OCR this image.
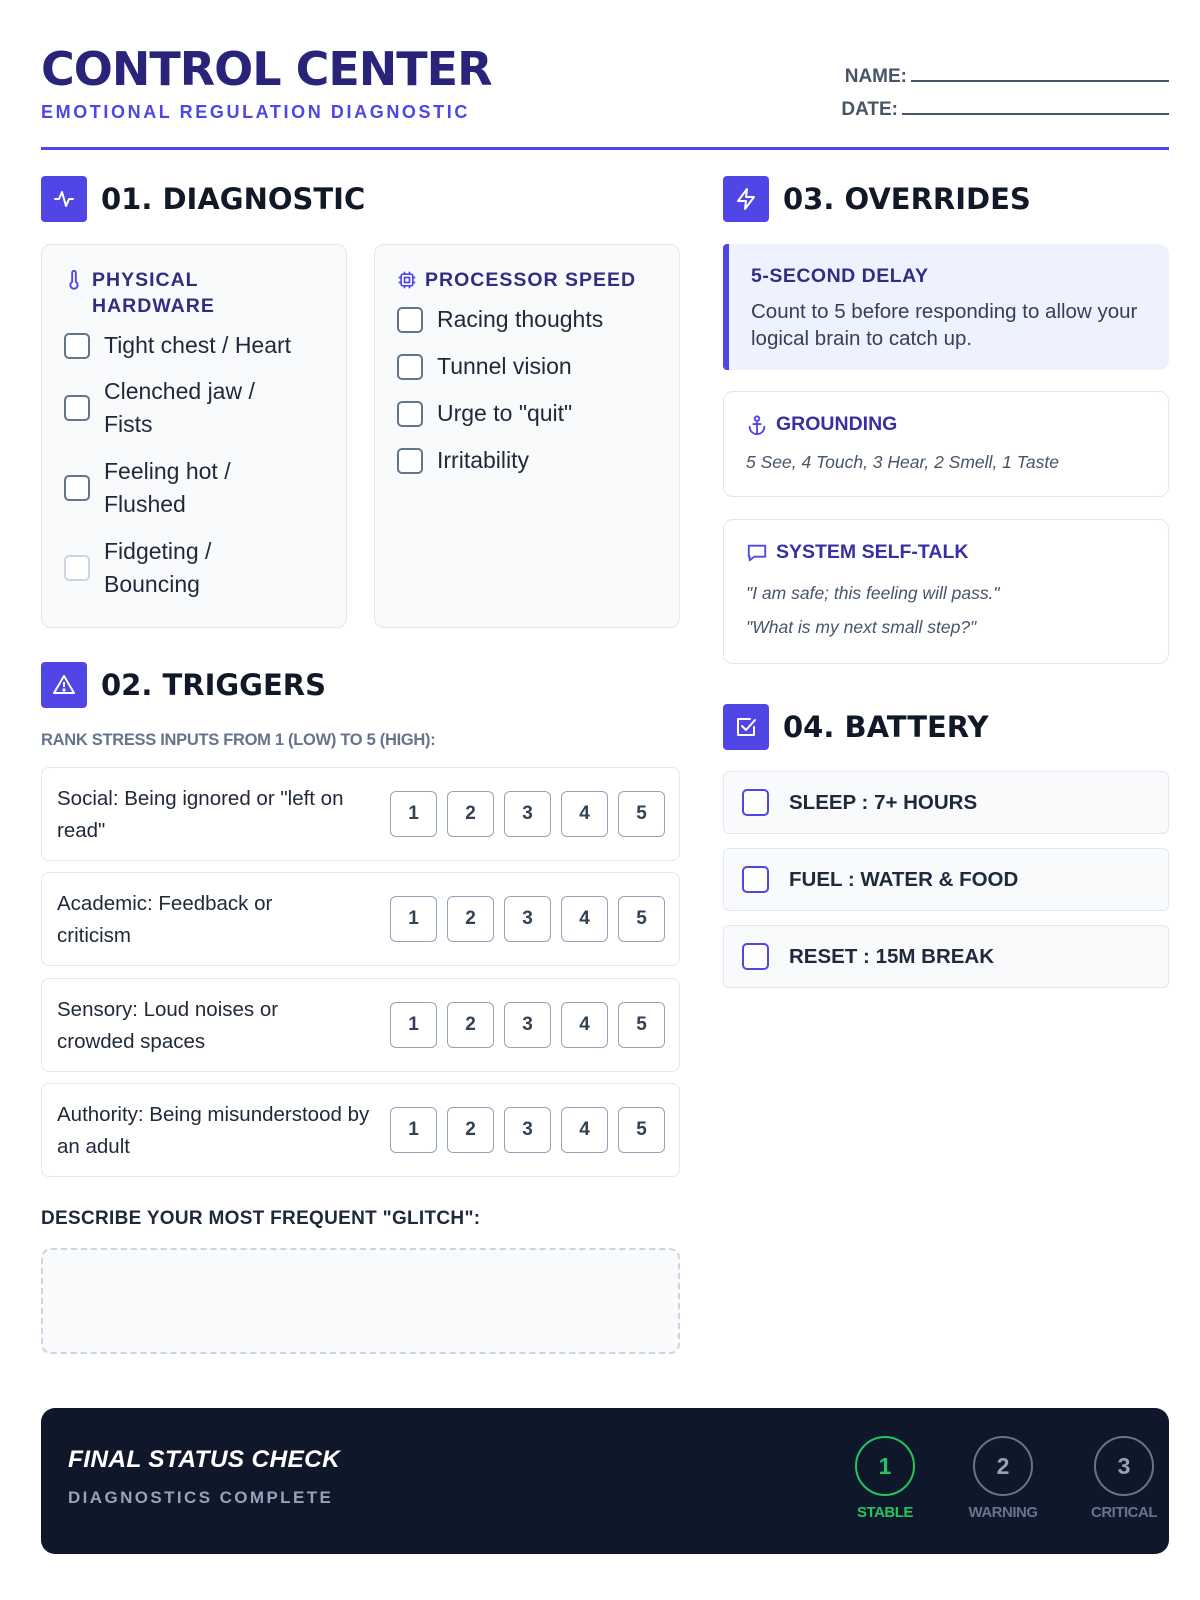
CONTROL CENTER
EMOTIONAL REGULATION DIAGNOSTIC
NAME:
DATE:
01. DIAGNOSTIC
PHYSICAL
HARDWARE
Tight chest / Heart
Clenched jaw / Fists
Feeling hot / Flushed
Fidgeting / Bouncing
PROCESSOR SPEED
Racing thoughts
Tunnel vision
Urge to "quit"
Irritability
02. TRIGGERS
RANK STRESS INPUTS FROM 1 (LOW) TO 5 (HIGH):
Social: Being ignored or "left on read"
1	2	3	4	5
Academic: Feedback or criticism
1	2	3	4	5
Sensory: Loud noises or crowded spaces
1	2	3	4	5
Authority: Being misunderstood by an adult
1	2	3	4	5
DESCRIBE YOUR MOST FREQUENT "GLITCH":
03. OVERRIDES
5-SECOND DELAY
Count to 5 before responding to allow your logical brain to catch up.
GROUNDING
5 See, 4 Touch, 3 Hear, 2 Smell, 1 Taste
SYSTEM SELF-TALK
"I am safe; this feeling will pass."
"What is my next small step?"
04. BATTERY
SLEEP : 7+ HOURS
FUEL : WATER & FOOD
RESET : 15M BREAK
FINAL STATUS CHECK
DIAGNOSTICS COMPLETE
1
STABLE
2
WARNING
3
CRITICAL
